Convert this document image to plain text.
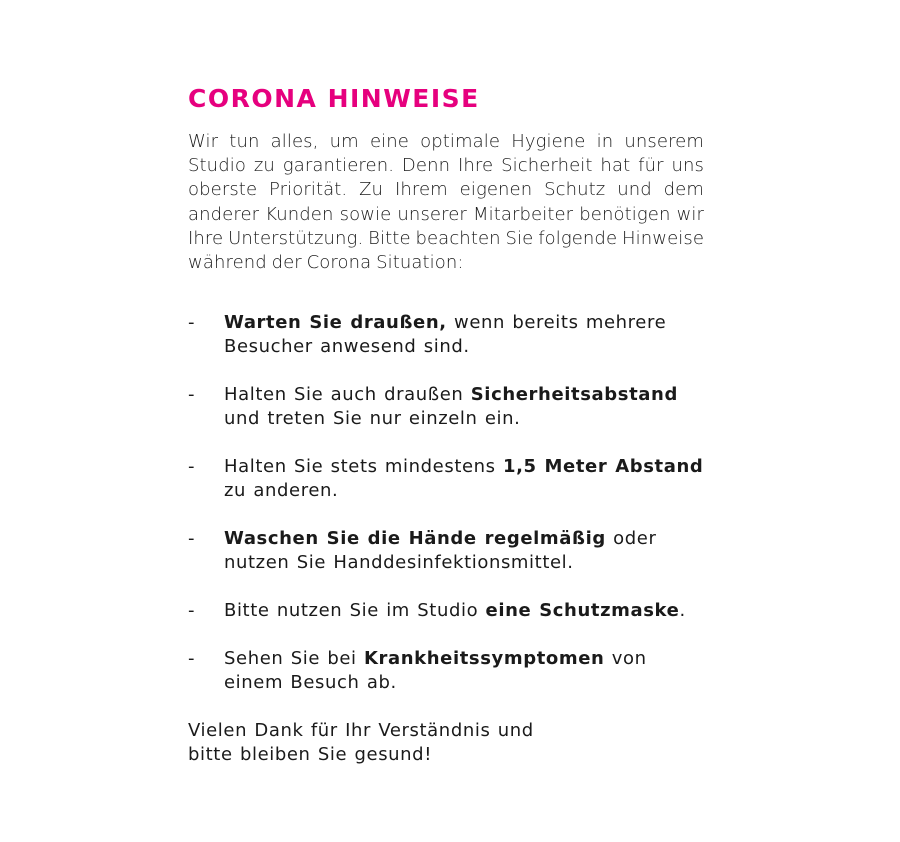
CORONA HINWEISE

Wir tun alles, um eine optimale Hygiene in unserem Studio zu garantieren. Denn Ihre Sicherheit hat für uns oberste Priorität. Zu Ihrem eigenen Schutz und dem anderer Kunden sowie unserer Mitarbeiter benötigen wir Ihre Unterstützung. Bitte beachten Sie folgende Hinweise während der Corona Situation:

- Warten Sie draußen, wenn bereits mehrere Besucher anwesend sind.
- Halten Sie auch draußen Sicherheitsabstand und treten Sie nur einzeln ein.
- Halten Sie stets mindestens 1,5 Meter Abstand zu anderen.
- Waschen Sie die Hände regelmäßig oder nutzen Sie Handdesinfektionsmittel.
- Bitte nutzen Sie im Studio eine Schutzmaske.
- Sehen Sie bei Krankheitssymptomen von einem Besuch ab.

Vielen Dank für Ihr Verständnis und
bitte bleiben Sie gesund!
